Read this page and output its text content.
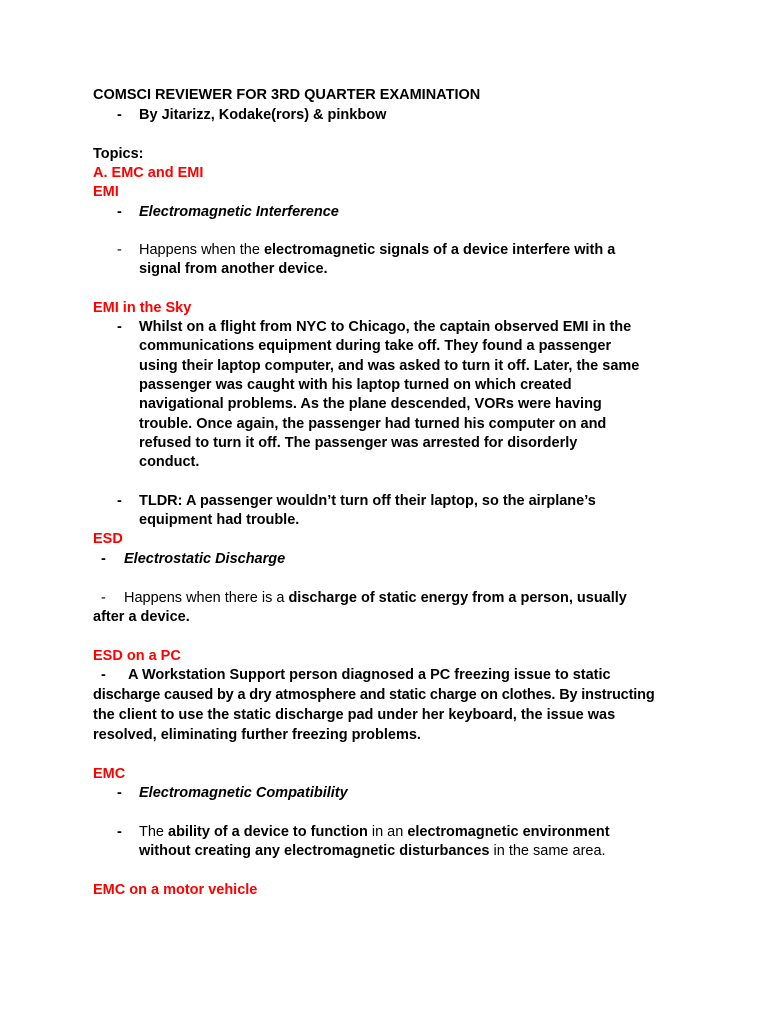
COMSCI REVIEWER FOR 3RD QUARTER EXAMINATION
- By Jitarizz, Kodake(rors) & pinkbow
Topics:
A. EMC and EMI
EMI
- Electromagnetic Interference
- Happens when the electromagnetic signals of a device interfere with a
signal from another device.
EMI in the Sky
- Whilst on a flight from NYC to Chicago, the captain observed EMI in the
communications equipment during take off. They found a passenger
using their laptop computer, and was asked to turn it off. Later, the same
passenger was caught with his laptop turned on which created
navigational problems. As the plane descended, VORs were having
trouble. Once again, the passenger had turned his computer on and
refused to turn it off. The passenger was arrested for disorderly
conduct.
- TLDR: A passenger wouldn’t turn off their laptop, so the airplane’s
equipment had trouble.
ESD
- Electrostatic Discharge
- Happens when there is a discharge of static energy from a person, usually
after a device.
ESD on a PC
- A Workstation Support person diagnosed a PC freezing issue to static
discharge caused by a dry atmosphere and static charge on clothes. By instructing
the client to use the static discharge pad under her keyboard, the issue was
resolved, eliminating further freezing problems.
EMC
- Electromagnetic Compatibility
- The ability of a device to function in an electromagnetic environment
without creating any electromagnetic disturbances in the same area.
EMC on a motor vehicle
